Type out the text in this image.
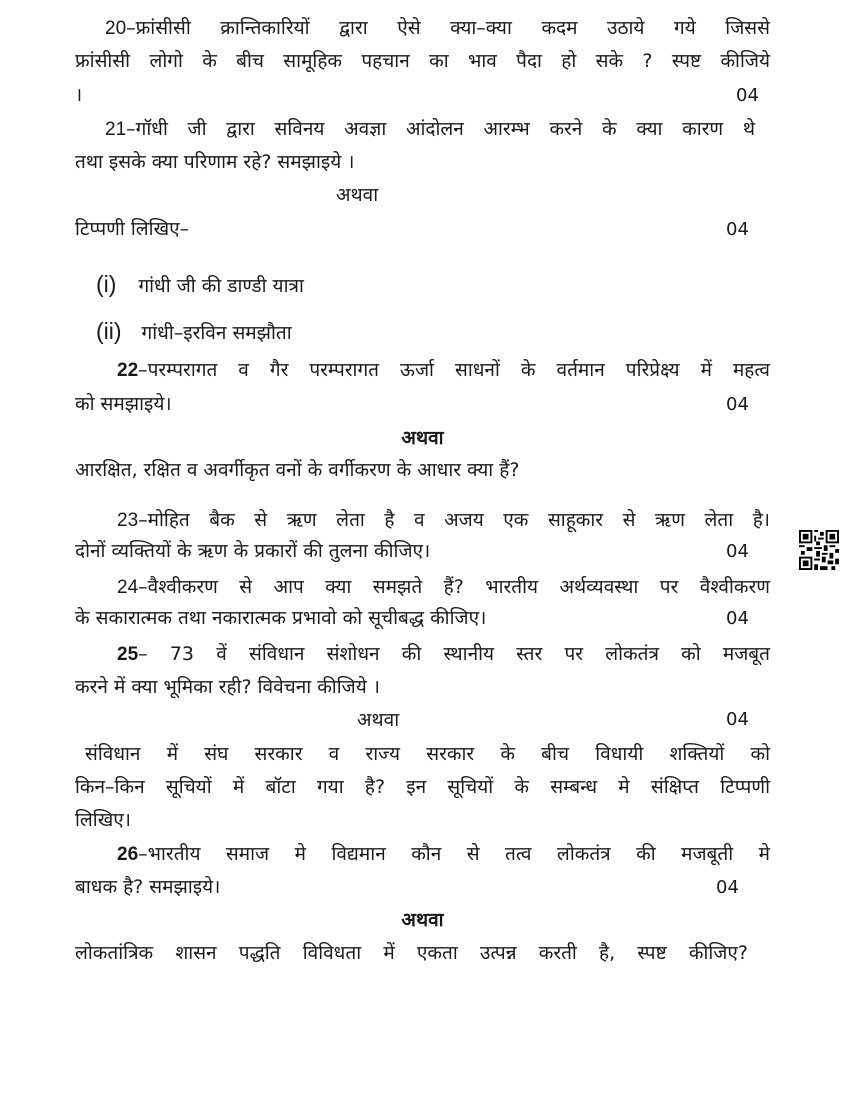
20–फ्रांसीसी क्रान्तिकारियों द्वारा ऐसे क्या–क्या कदम उठाये गये जिससे
फ्रांसीसी लोगो के बीच सामूहिक पहचान का भाव पैदा हो सके ? स्पष्ट कीजिये
।	04
21–गॉधी जी द्वारा सविनय अवज्ञा आंदोलन आरम्भ करने के क्या कारण थे
तथा इसके क्या परिणाम रहे? समझाइये ।
अथवा
टिप्पणी लिखिए–	04
(i) गांधी जी की डाण्डी यात्रा
(ii) गांधी–इरविन समझौता
22–परम्परागत व गैर परम्परागत ऊर्जा साधनों के वर्तमान परिप्रेक्ष्य में महत्व
को समझाइये।	04
अथवा
आरक्षित, रक्षित व अवर्गीकृत वनों के वर्गीकरण के आधार क्या हैं?
23–मोहित बैक से ऋण लेता है व अजय एक साहूकार से ऋण लेता है।
दोनों व्यक्तियों के ऋण के प्रकारों की तुलना कीजिए।	04
24–वैश्वीकरण से आप क्या समझते हैं? भारतीय अर्थव्यवस्था पर वैश्वीकरण
के सकारात्मक तथा नकारात्मक प्रभावो को सूचीबद्ध कीजिए।	04
25– 73 वें संविधान संशोधन की स्थानीय स्तर पर लोकतंत्र को मजबूत
करने में क्या भूमिका रही? विवेचना कीजिये ।
अथवा	04
संविधान में संघ सरकार व राज्य सरकार के बीच विधायी शक्तियों को
किन–किन सूचियों में बॉटा गया है? इन सूचियों के सम्बन्ध मे संक्षिप्त टिप्पणी
लिखिए।
26–भारतीय समाज मे विद्यमान कौन से तत्व लोकतंत्र की मजबूती मे
बाधक है? समझाइये।	04
अथवा
लोकतांत्रिक शासन पद्धति विविधता में एकता उत्पन्न करती है, स्पष्ट कीजिए?
